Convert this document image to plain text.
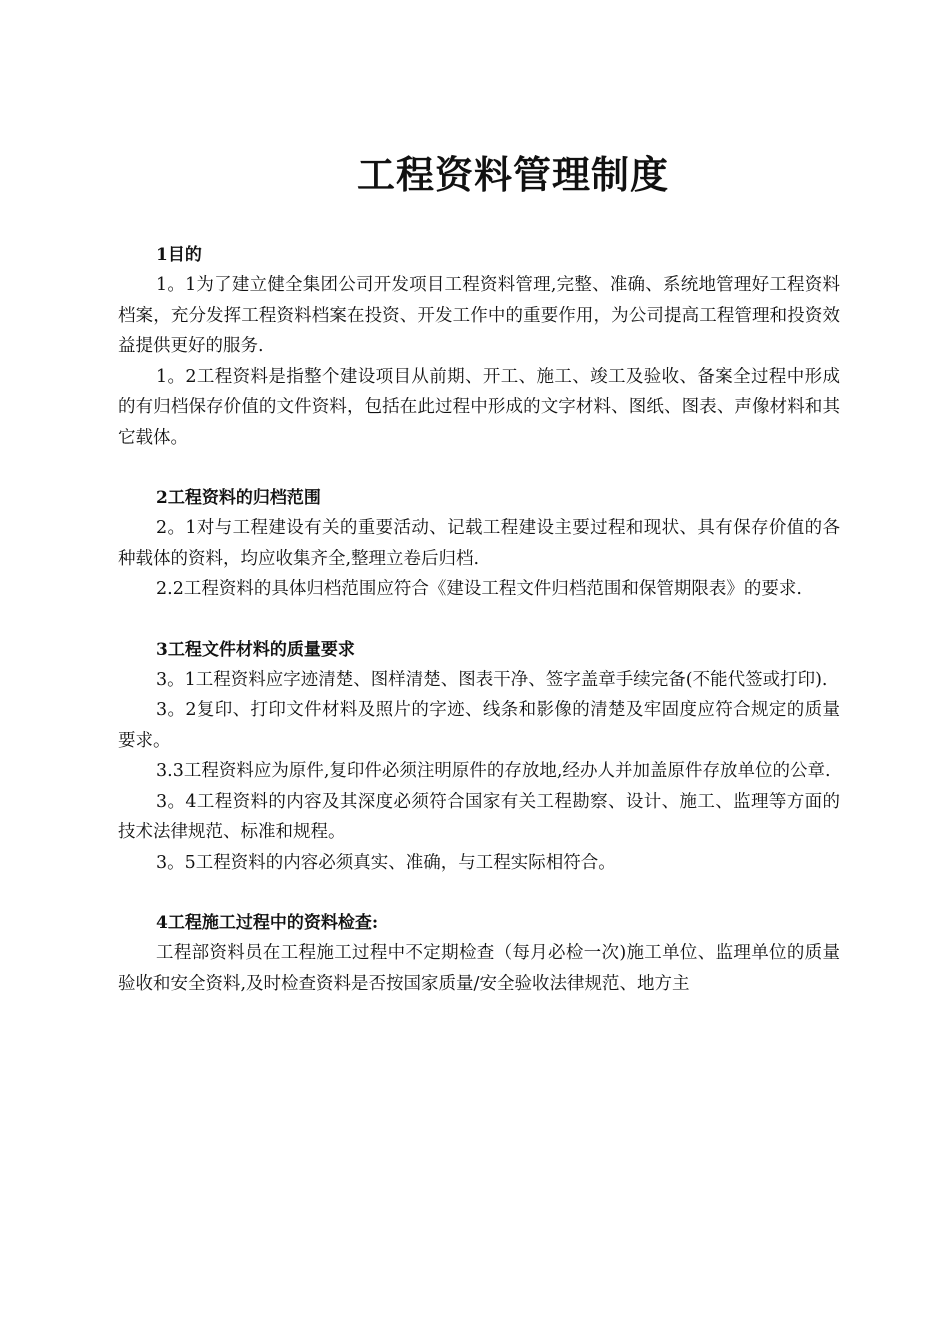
工程资料管理制度

1目的

1。1为了建立健全集团公司开发项目工程资料管理,完整、准确、系统地管理好工程资料档案，充分发挥工程资料档案在投资、开发工作中的重要作用，为公司提高工程管理和投资效益提供更好的服务.

1。2工程资料是指整个建设项目从前期、开工、施工、竣工及验收、备案全过程中形成的有归档保存价值的文件资料，包括在此过程中形成的文字材料、图纸、图表、声像材料和其它载体。

2工程资料的归档范围

2。1对与工程建设有关的重要活动、记载工程建设主要过程和现状、具有保存价值的各种载体的资料，均应收集齐全,整理立卷后归档.

2.2工程资料的具体归档范围应符合《建设工程文件归档范围和保管期限表》的要求.

3工程文件材料的质量要求

3。1工程资料应字迹清楚、图样清楚、图表干净、签字盖章手续完备(不能代签或打印).

3。2复印、打印文件材料及照片的字迹、线条和影像的清楚及牢固度应符合规定的质量要求。

3.3工程资料应为原件,复印件必须注明原件的存放地,经办人并加盖原件存放单位的公章.

3。4工程资料的内容及其深度必须符合国家有关工程勘察、设计、施工、监理等方面的技术法律规范、标准和规程。

3。5工程资料的内容必须真实、准确，与工程实际相符合。

4工程施工过程中的资料检查:

工程部资料员在工程施工过程中不定期检查（每月必检一次)施工单位、监理单位的质量验收和安全资料,及时检查资料是否按国家质量/安全验收法律规范、地方主
